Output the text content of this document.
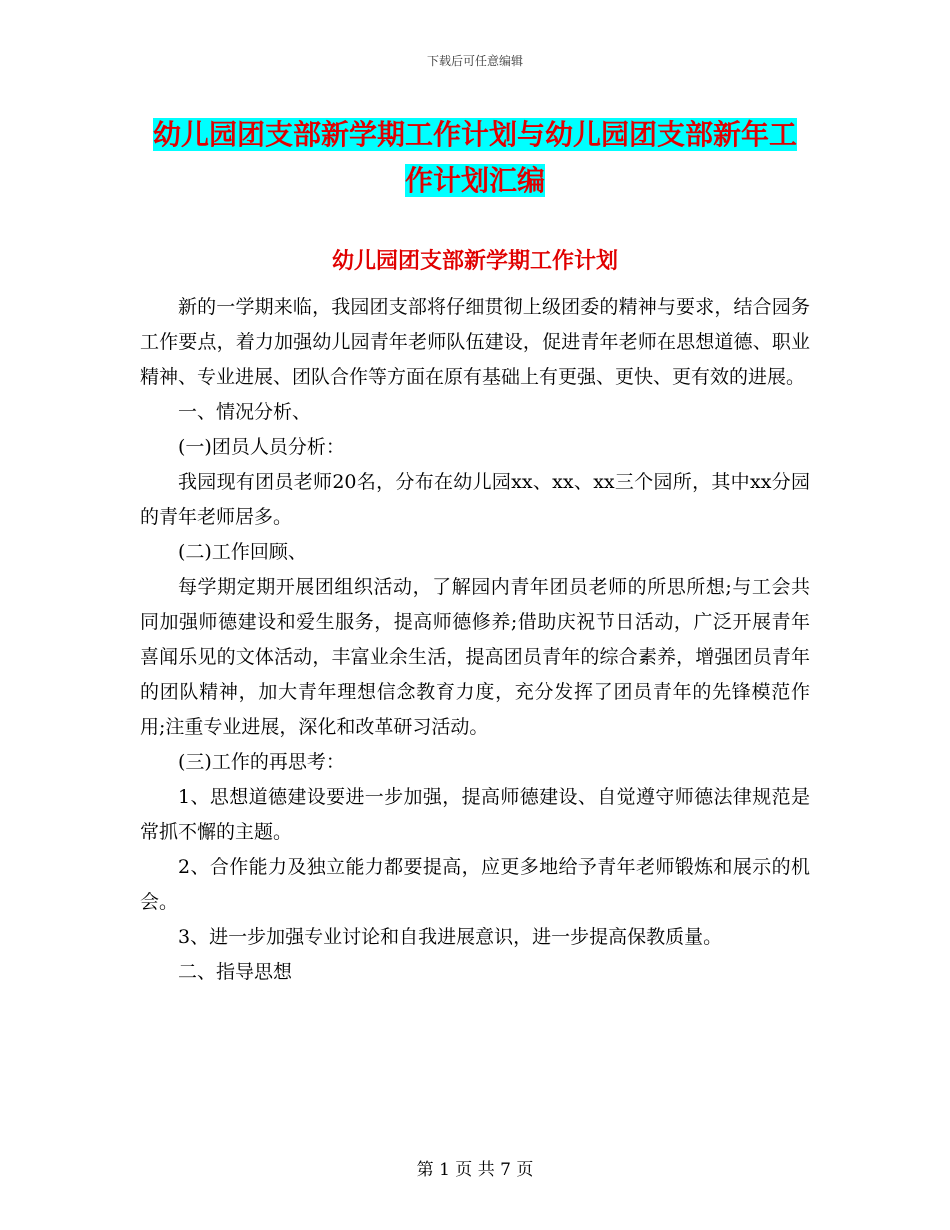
下载后可任意编辑
幼儿园团支部新学期工作计划与幼儿园团支部新年工作计划汇编
幼儿园团支部新学期工作计划

新的一学期来临，我园团支部将仔细贯彻上级团委的精神与要求，结合园务工作要点，着力加强幼儿园青年老师队伍建设，促进青年老师在思想道德、职业精神、专业进展、团队合作等方面在原有基础上有更强、更快、更有效的进展。

一、情况分析、

(一)团员人员分析：

我园现有团员老师20名，分布在幼儿园xx、xx、xx三个园所，其中xx分园的青年老师居多。

(二)工作回顾、

每学期定期开展团组织活动，了解园内青年团员老师的所思所想;与工会共同加强师德建设和爱生服务，提高师德修养;借助庆祝节日活动，广泛开展青年喜闻乐见的文体活动，丰富业余生活，提高团员青年的综合素养，增强团员青年的团队精神，加大青年理想信念教育力度，充分发挥了团员青年的先锋模范作用;注重专业进展，深化和改革研习活动。

(三)工作的再思考：

1、思想道德建设要进一步加强，提高师德建设、自觉遵守师德法律规范是常抓不懈的主题。

2、合作能力及独立能力都要提高，应更多地给予青年老师锻炼和展示的机会。

3、进一步加强专业讨论和自我进展意识，进一步提高保教质量。

二、指导思想

第 1 页 共 7 页
